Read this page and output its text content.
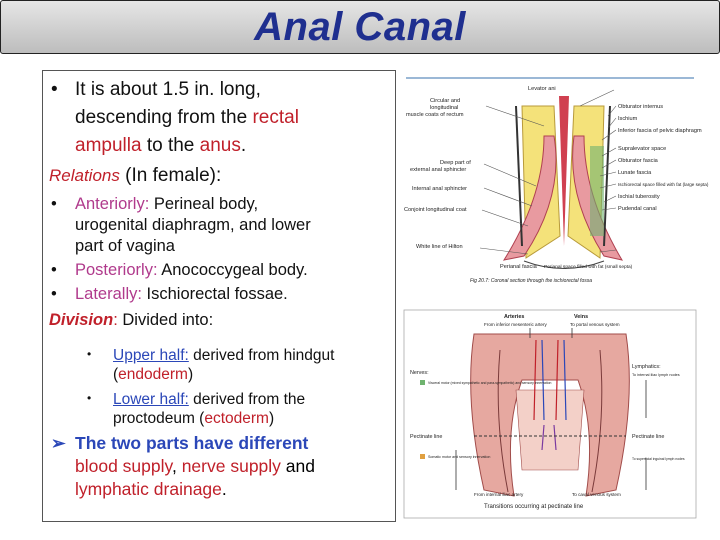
Anal Canal
• It is about 1.5 in. long,
descending from the rectal
ampulla to the anus.
Relations (In female):
• Anteriorly: Perineal body,
urogenital diaphragm, and lower
part of vagina
• Posteriorly: Anococcygeal body.
• Laterally: Ischiorectal fossae.
Division: Divided into:
• Upper half: derived from hindgut
(endoderm)
• Lower half: derived from the
proctodeum (ectoderm)
➢ The two parts have different
blood supply, nerve supply and
lymphatic drainage.
Circular and
longitudinal
muscle coats of rectum
Deep part of
external anal sphincter
Internal anal sphincter
Conjoint longitudinal coat
White line of Hilton
Levator ani
Obturator internus
Ischium
Inferior fascia of pelvic diaphragm
Supralevator space
Obturator fascia
Lunate fascia
Ischiorectal space filled with fat (large septa)
Ischial tuberosity
Pudendal canal
Perianal fascia Perianal space filled with fat (small septa)
Fig 20.7: Coronal section through the ischiorectal fossa
Arteries	Veins
From inferior mesenteric artery	To portal venous system
Nerves:
Visceral motor (mixed sympathetic and para-sympathetic) and sensory innervation
Lymphatics:
To internal iliac lymph nodes
Pectinate line	Pectinate line
Somatic motor and sensory innervation	To superficial inguinal lymph nodes
From internal iliac artery	To caval venous system
Transitions occurring at pectinate line
